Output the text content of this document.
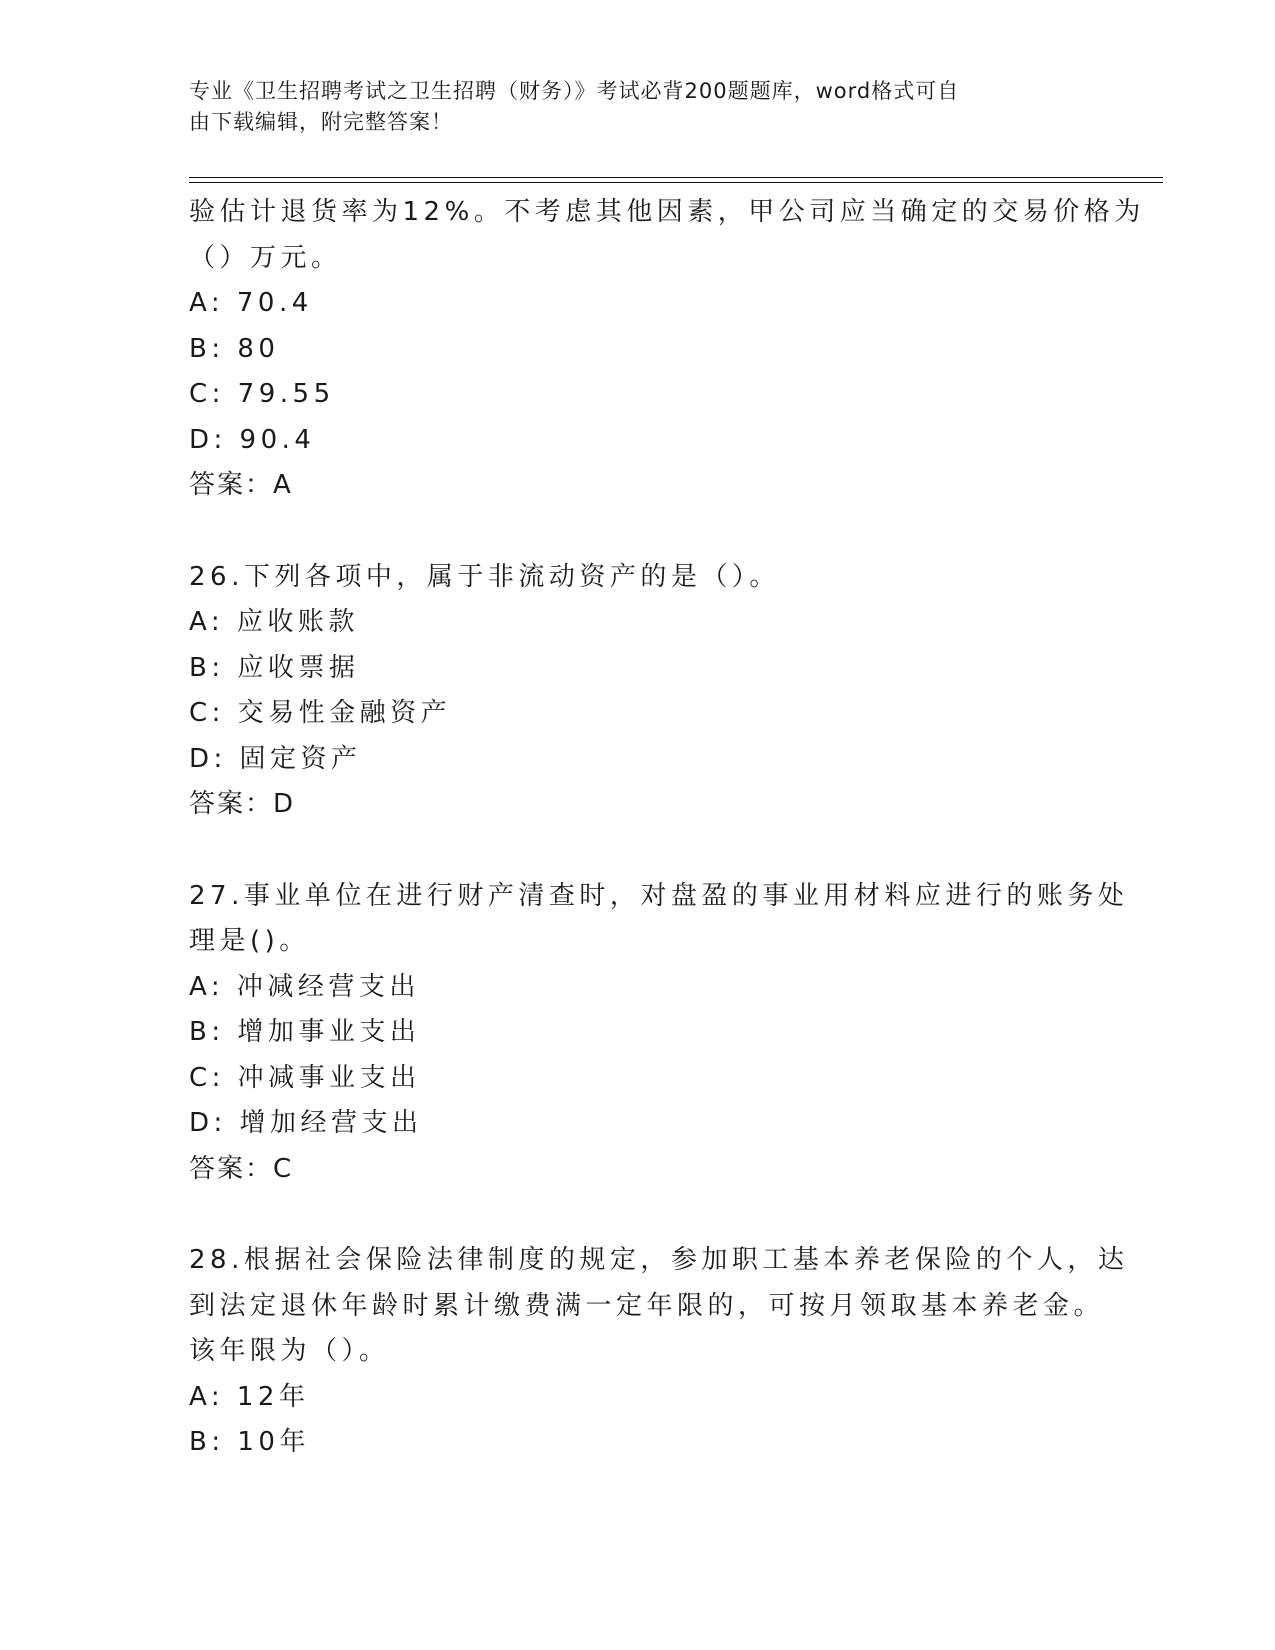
专业《卫生招聘考试之卫生招聘（财务）》考试必背200题题库，word格式可自
由下载编辑，附完整答案！
验估计退货率为12%。不考虑其他因素，甲公司应当确定的交易价格为
（）万元。
A: 70.4
B: 80
C: 79.55
D: 90.4
答案：A
26.下列各项中，属于非流动资产的是（）。
A: 应收账款
B: 应收票据
C: 交易性金融资产
D: 固定资产
答案：D
27.事业单位在进行财产清查时，对盘盈的事业用材料应进行的账务处
理是()。
A: 冲减经营支出
B: 增加事业支出
C: 冲减事业支出
D: 增加经营支出
答案：C
28.根据社会保险法律制度的规定，参加职工基本养老保险的个人，达
到法定退休年龄时累计缴费满一定年限的，可按月领取基本养老金。
该年限为（）。
A: 12年
B: 10年
